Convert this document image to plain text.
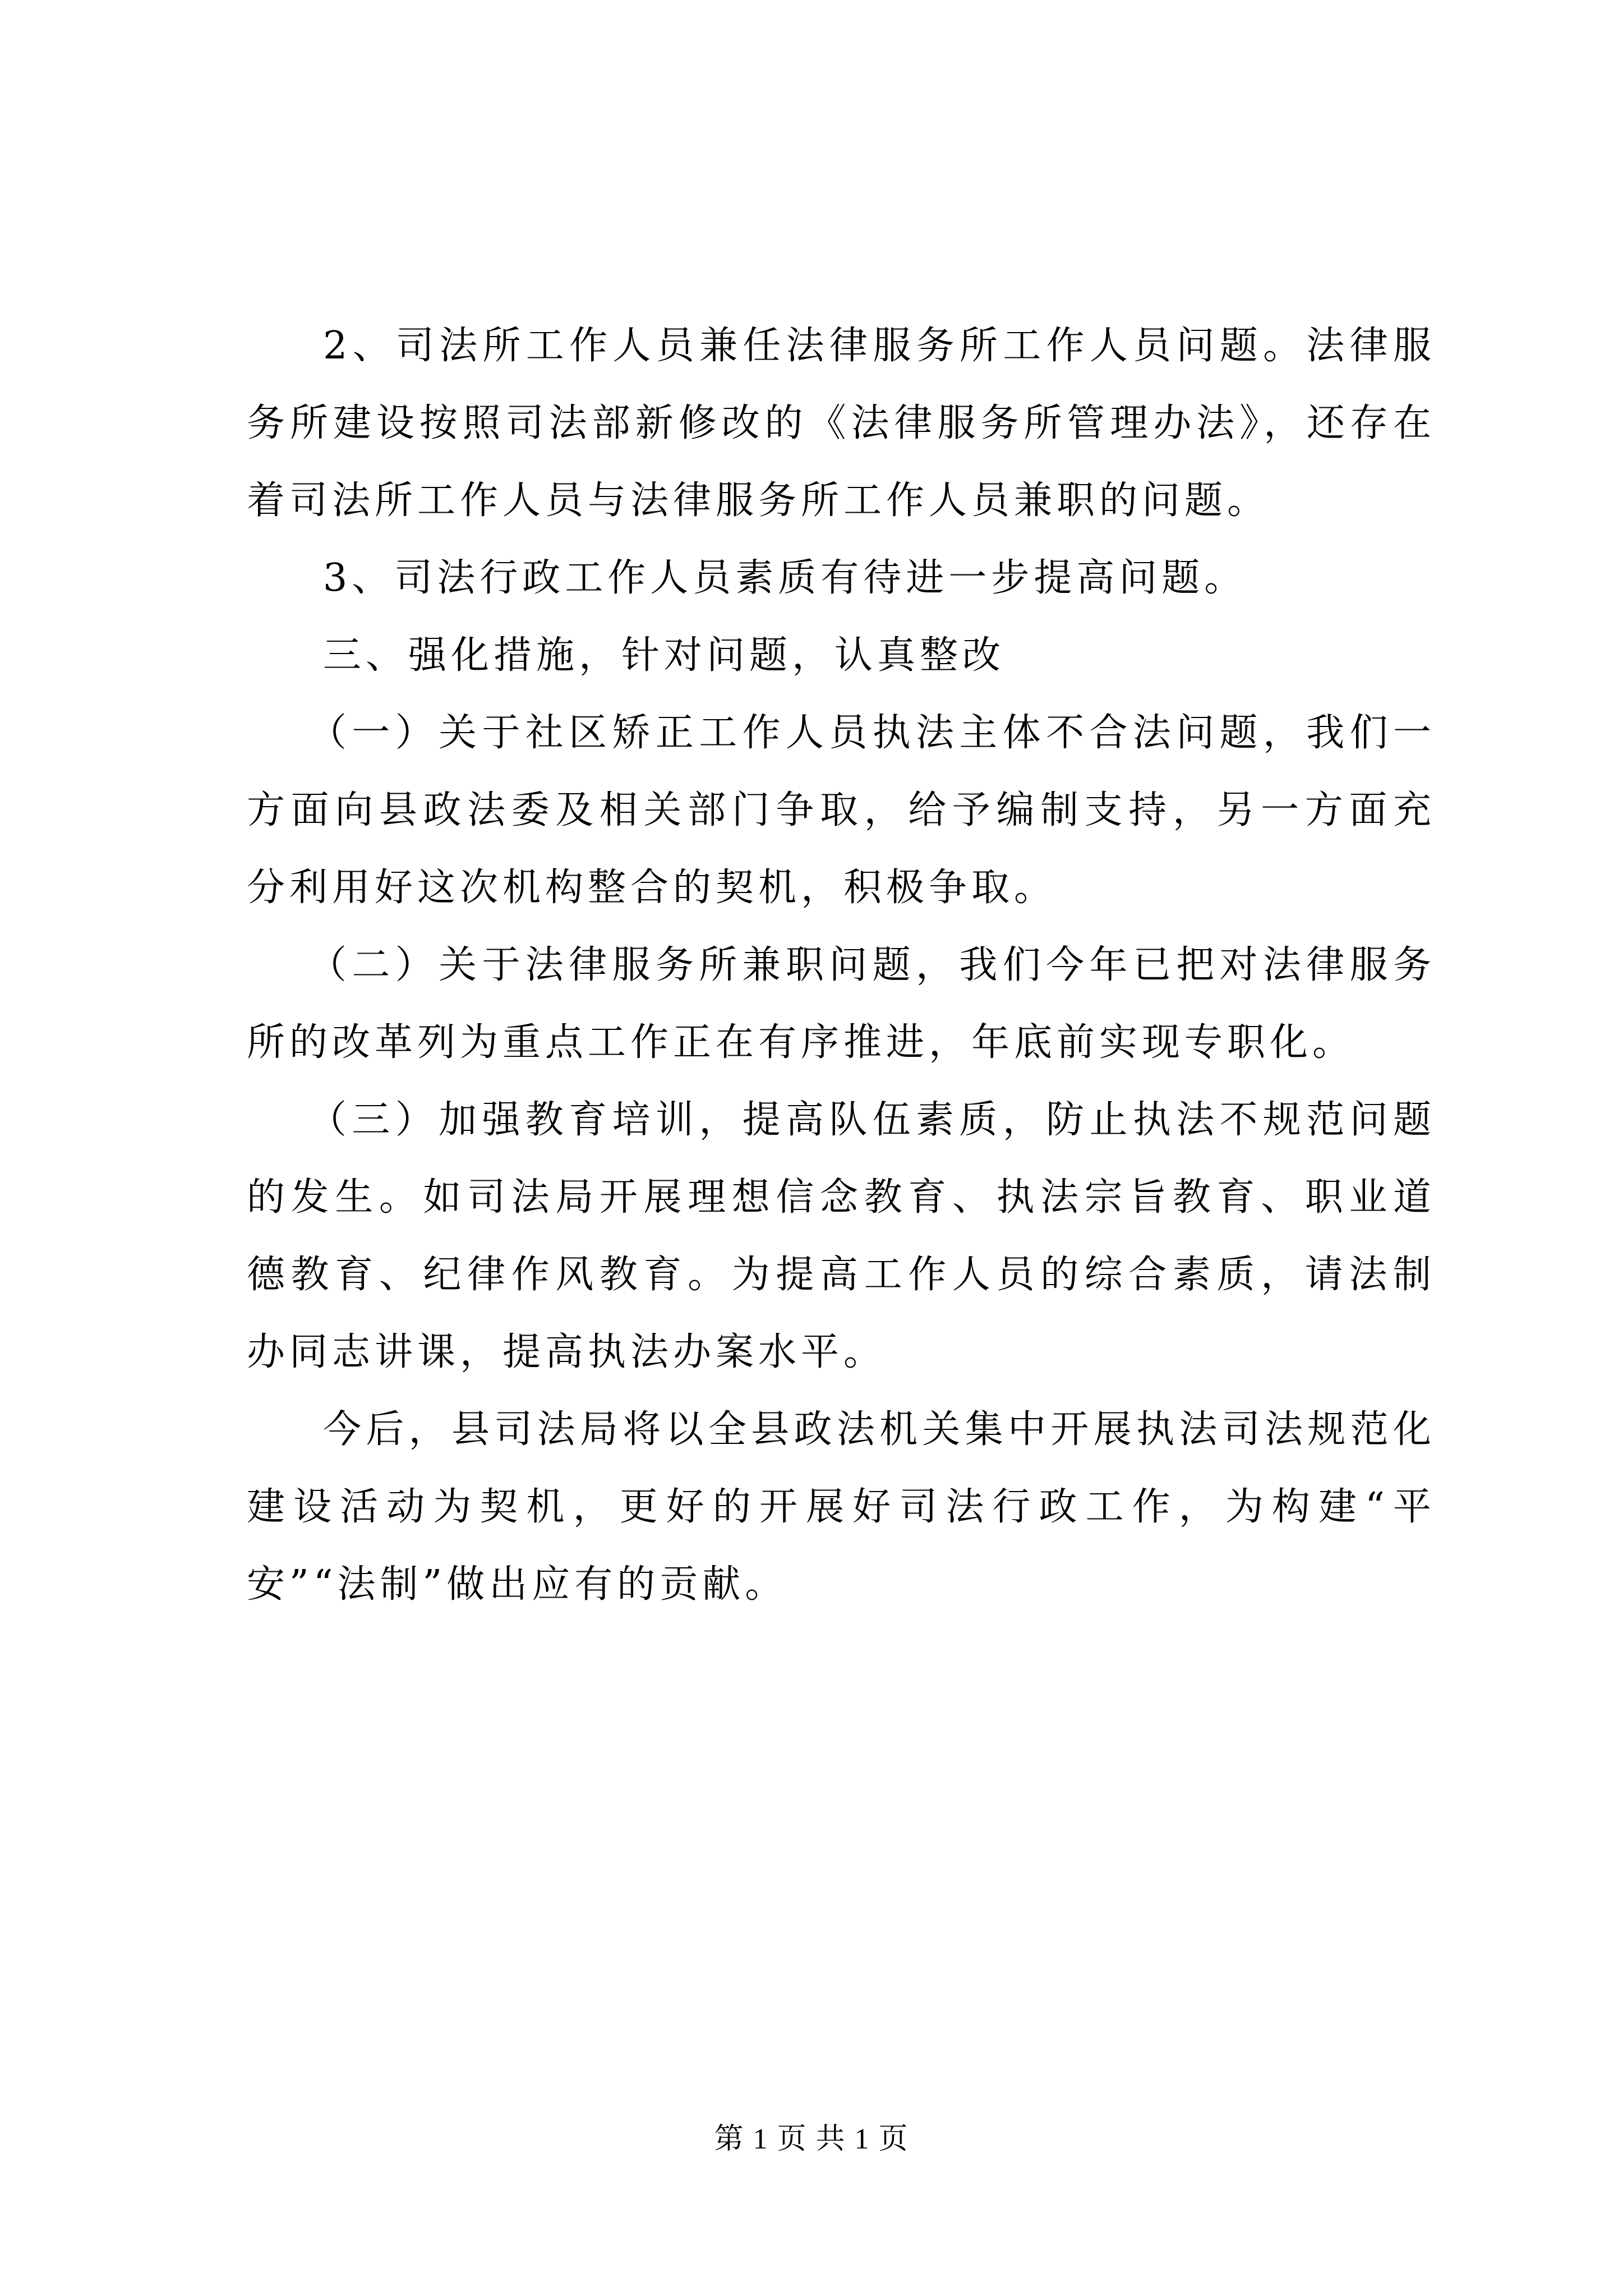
2、司法所工作人员兼任法律服务所工作人员问题。法律服务所建设按照司法部新修改的《法律服务所管理办法》，还存在着司法所工作人员与法律服务所工作人员兼职的问题。

3、司法行政工作人员素质有待进一步提高问题。

三、强化措施，针对问题，认真整改

（一）关于社区矫正工作人员执法主体不合法问题，我们一方面向县政法委及相关部门争取，给予编制支持，另一方面充分利用好这次机构整合的契机，积极争取。

（二）关于法律服务所兼职问题，我们今年已把对法律服务所的改革列为重点工作正在有序推进，年底前实现专职化。

（三）加强教育培训，提高队伍素质，防止执法不规范问题的发生。如司法局开展理想信念教育、执法宗旨教育、职业道德教育、纪律作风教育。为提高工作人员的综合素质，请法制办同志讲课，提高执法办案水平。

今后，县司法局将以全县政法机关集中开展执法司法规范化建设活动为契机，更好的开展好司法行政工作，为构建“平安”“法制”做出应有的贡献。

第 1 页 共 1 页
